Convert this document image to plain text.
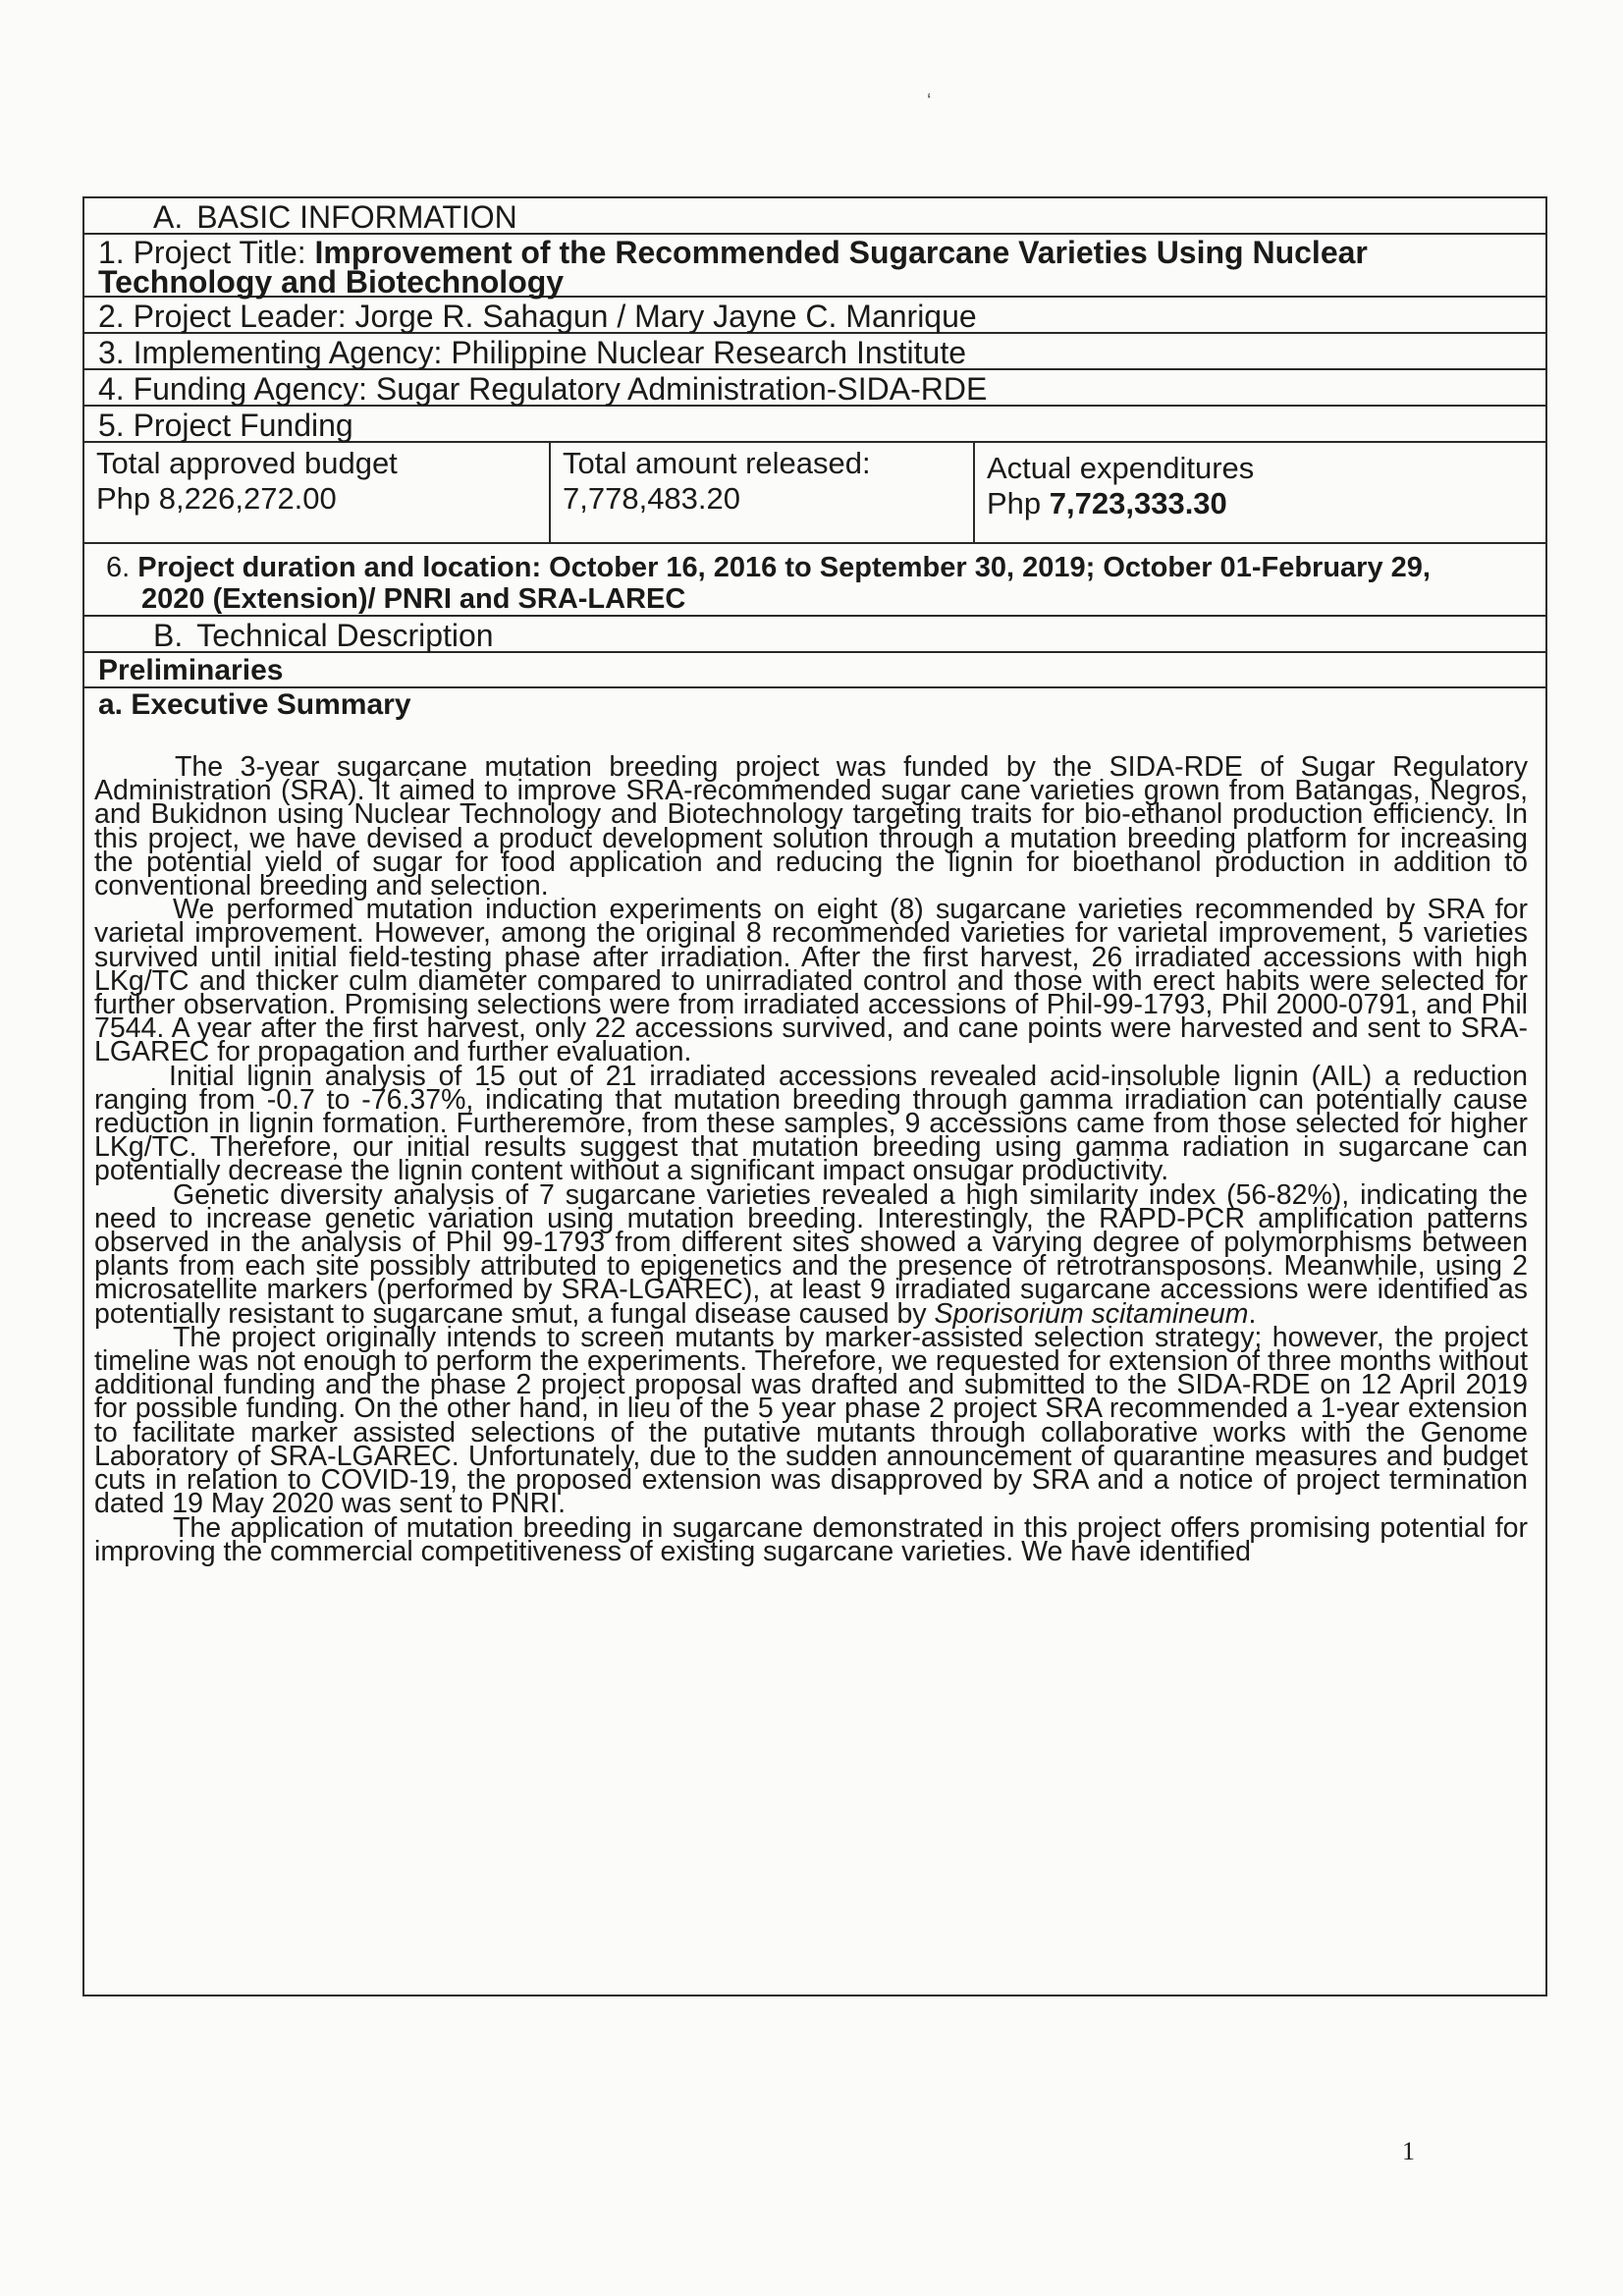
‘
A. BASIC INFORMATION
1. Project Title: Improvement of the Recommended Sugarcane Varieties Using Nuclear Technology and Biotechnology
2. Project Leader: Jorge R. Sahagun / Mary Jayne C. Manrique
3. Implementing Agency: Philippine Nuclear Research Institute
4. Funding Agency: Sugar Regulatory Administration-SIDA-RDE
5. Project Funding
Total approved budget
Php 8,226,272.00
Total amount released:
7,778,483.20
Actual expenditures
Php 7,723,333.30
6. Project duration and location: October 16, 2016 to September 30, 2019; October 01-February 29,
2020 (Extension)/ PNRI and SRA-LAREC
B. Technical Description
Preliminaries
a. Executive Summary

The 3-year sugarcane mutation breeding project was funded by the SIDA-RDE of Sugar Regulatory Administration (SRA). It aimed to improve SRA-recommended sugar cane varieties grown from Batangas, Negros, and Bukidnon using Nuclear Technology and Biotechnology targeting traits for bio-ethanol production efficiency. In this project, we have devised a product development solution through a mutation breeding platform for increasing the potential yield of sugar for food application and reducing the lignin for bioethanol production in addition to conventional breeding and selection.

We performed mutation induction experiments on eight (8) sugarcane varieties recommended by SRA for varietal improvement. However, among the original 8 recommended varieties for varietal improvement, 5 varieties survived until initial field-testing phase after irradiation. After the first harvest, 26 irradiated accessions with high LKg/TC and thicker culm diameter compared to unirradiated control and those with erect habits were selected for further observation. Promising selections were from irradiated accessions of Phil-99-1793, Phil 2000-0791, and Phil 7544. A year after the first harvest, only 22 accessions survived, and cane points were harvested and sent to SRA-LGAREC for propagation and further evaluation.

Initial lignin analysis of 15 out of 21 irradiated accessions revealed acid-insoluble lignin (AIL) a reduction ranging from -0.7 to -76.37%, indicating that mutation breeding through gamma irradiation can potentially cause reduction in lignin formation. Furtheremore, from these samples, 9 accessions came from those selected for higher LKg/TC. Therefore, our initial results suggest that mutation breeding using gamma radiation in sugarcane can potentially decrease the lignin content without a significant impact onsugar productivity.

Genetic diversity analysis of 7 sugarcane varieties revealed a high similarity index (56-82%), indicating the need to increase genetic variation using mutation breeding. Interestingly, the RAPD-PCR amplification patterns observed in the analysis of Phil 99-1793 from different sites showed a varying degree of polymorphisms between plants from each site possibly attributed to epigenetics and the presence of retrotransposons. Meanwhile, using 2 microsatellite markers (performed by SRA-LGAREC), at least 9 irradiated sugarcane accessions were identified as potentially resistant to sugarcane smut, a fungal disease caused by Sporisorium scitamineum.

The project originally intends to screen mutants by marker-assisted selection strategy; however, the project timeline was not enough to perform the experiments. Therefore, we requested for extension of three months without additional funding and the phase 2 project proposal was drafted and submitted to the SIDA-RDE on 12 April 2019 for possible funding. On the other hand, in lieu of the 5 year phase 2 project SRA recommended a 1-year extension to facilitate marker assisted selections of the putative mutants through collaborative works with the Genome Laboratory of SRA-LGAREC. Unfortunately, due to the sudden announcement of quarantine measures and budget cuts in relation to COVID-19, the proposed extension was disapproved by SRA and a notice of project termination dated 19 May 2020 was sent to PNRI.

The application of mutation breeding in sugarcane demonstrated in this project offers promising potential for improving the commercial competitiveness of existing sugarcane varieties. We have identified

1
